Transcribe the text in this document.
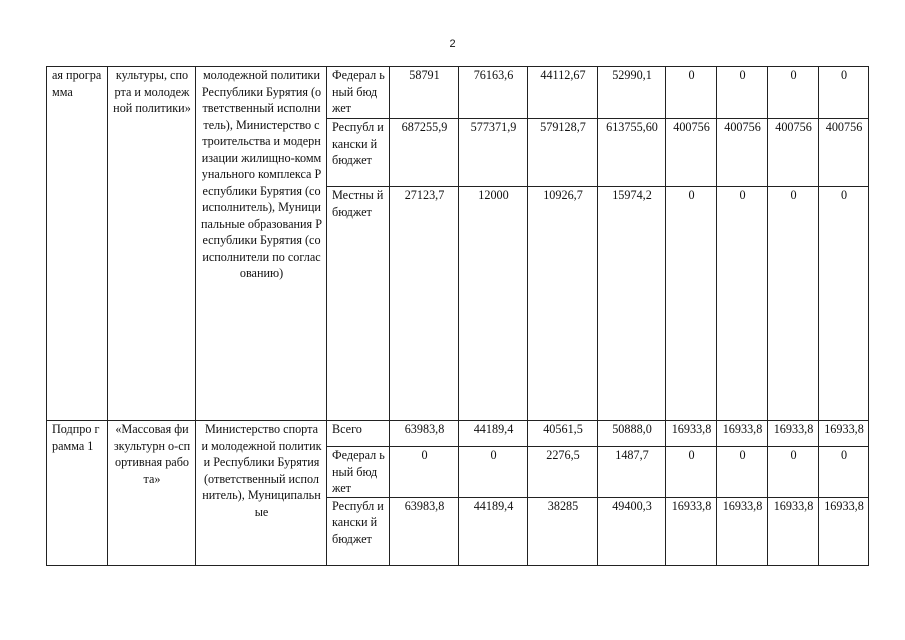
2
ая програ мма	культуры, спорта и молодежной политики»	молодежной политики Республики Бурятия (ответственный исполнитель), Министерство строительства и модернизации жилищно-коммунального комплекса Республики Бурятия (соисполнитель), Муниципальные образования Республики Бурятия (соисполнители по согласованию)	Федерал ьный бюджет	58791	76163,6	44112,67	52990,1	0	0	0	0
			Республ икански й бюджет	687255,9	577371,9	579128,7	613755,60	400756	400756	400756	400756
			Местны й бюджет	27123,7	12000	10926,7	15974,2	0	0	0	0
Подпро грамма 1	«Массовая физкультурн о-спортивная работа»	Министерство спорта и молодежной политики Республики Бурятия (ответственный исполнитель), Муниципальные	Всего	63983,8	44189,4	40561,5	50888,0	16933,8	16933,8	16933,8	16933,8
			Федерал ьный бюджет	0	0	2276,5	1487,7	0	0	0	0
			Республ икански й бюджет	63983,8	44189,4	38285	49400,3	16933,8	16933,8	16933,8	16933,8
